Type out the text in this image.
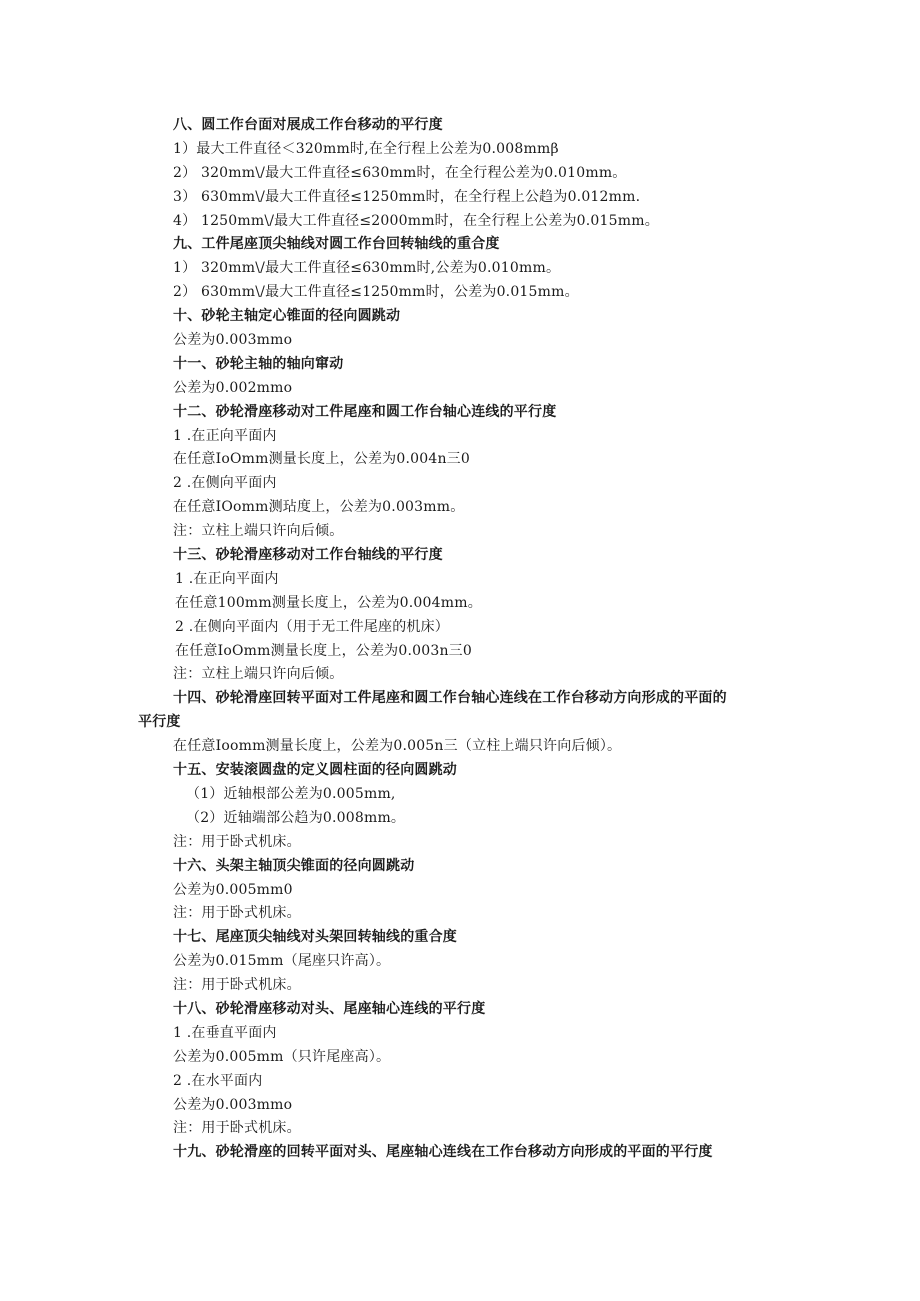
八、圆工作台面对展成工作台移动的平行度
1）最大工件直径＜320mm时,在全行程上公差为0.008mmβ
2） 320mm\/最大工件直径≤630mm时，在全行程公差为0.010mm。
3） 630mm\/最大工件直径≤1250mm时，在全行程上公趋为0.012mm.
4） 1250mm\/最大工件直径≤2000mm时，在全行程上公差为0.015mm。
九、工件尾座顶尖轴线对圆工作台回转轴线的重合度
1） 320mm\/最大工件直径≤630mm时,公差为0.010mm。
2） 630mm\/最大工件直径≤1250mm时，公差为0.015mm。
十、砂轮主轴定心锥面的径向圆跳动
公差为0.003mmo
十一、砂轮主轴的轴向窜动
公差为0.002mmo
十二、砂轮滑座移动对工件尾座和圆工作台轴心连线的平行度
1 .在正向平面内
在任意IoOmm测量长度上，公差为0.004n三0
2 .在侧向平面内
在任意IOomm测玷度上，公差为0.003mm。
注：立柱上端只许向后倾。
十三、砂轮滑座移动对工作台轴线的平行度
1 .在正向平面内
在任意100mm测量长度上，公差为0.004mm。
2 .在侧向平面内（用于无工件尾座的机床）
在任意IoOmm测量长度上，公差为0.003n三0
注：立柱上端只许向后倾。
十四、砂轮滑座回转平面对工件尾座和圆工作台轴心连线在工作台移动方向形成的平面的
平行度
在任意Ioomm测量长度上，公差为0.005n三（立柱上端只许向后倾）。
十五、安装滚圆盘的定义圆柱面的径向圆跳动
（1）近轴根部公差为0.005mm,
（2）近轴端部公趋为0.008mm。
注：用于卧式机床。
十六、头架主轴顶尖锥面的径向圆跳动
公差为0.005mm0
注：用于卧式机床。
十七、尾座顶尖轴线对头架回转轴线的重合度
公差为0.015mm（尾座只许高）。
注：用于卧式机床。
十八、砂轮滑座移动对头、尾座轴心连线的平行度
1 .在垂直平面内
公差为0.005mm（只许尾座高）。
2 .在水平面内
公差为0.003mmo
注：用于卧式机床。
十九、砂轮滑座的回转平面对头、尾座轴心连线在工作台移动方向形成的平面的平行度
